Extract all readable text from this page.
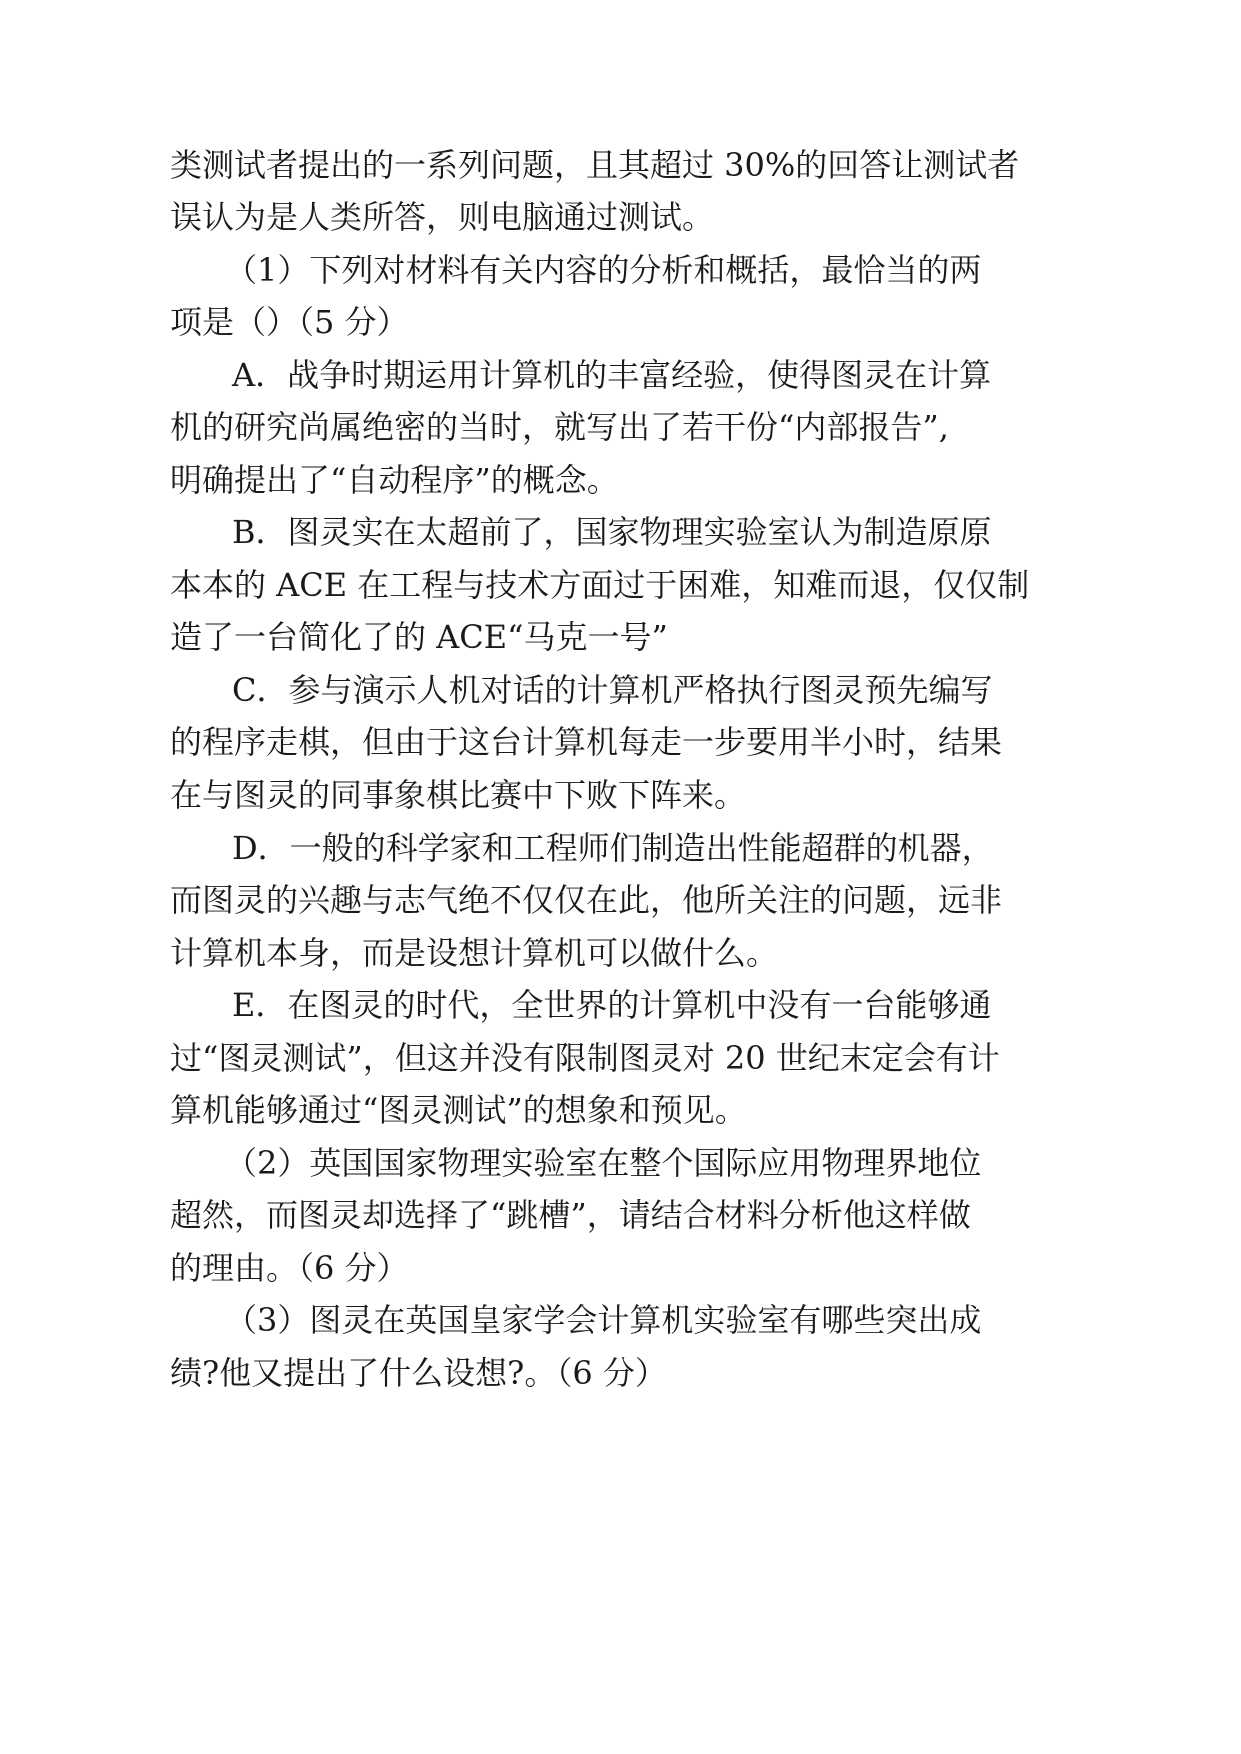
类测试者提出的一系列问题，且其超过 30%的回答让测试者
误认为是人类所答，则电脑通过测试。
（1）下列对材料有关内容的分析和概括，最恰当的两
项是（）（5 分）
A．战争时期运用计算机的丰富经验，使得图灵在计算
机的研究尚属绝密的当时，就写出了若干份“内部报告”,
明确提出了“自动程序”的概念。
B．图灵实在太超前了，国家物理实验室认为制造原原
本本的 ACE 在工程与技术方面过于困难，知难而退，仅仅制
造了一台简化了的 ACE“马克一号”
C．参与演示人机对话的计算机严格执行图灵预先编写
的程序走棋，但由于这台计算机每走一步要用半小时，结果
在与图灵的同事象棋比赛中下败下阵来。
D．一般的科学家和工程师们制造出性能超群的机器，
而图灵的兴趣与志气绝不仅仅在此，他所关注的问题，远非
计算机本身，而是设想计算机可以做什么。
E．在图灵的时代，全世界的计算机中没有一台能够通
过“图灵测试”，但这并没有限制图灵对 20 世纪末定会有计
算机能够通过“图灵测试”的想象和预见。
（2）英国国家物理实验室在整个国际应用物理界地位
超然，而图灵却选择了“跳槽”，请结合材料分析他这样做
的理由。（6 分）
（3）图灵在英国皇家学会计算机实验室有哪些突出成
绩?他又提出了什么设想?。（6 分）
